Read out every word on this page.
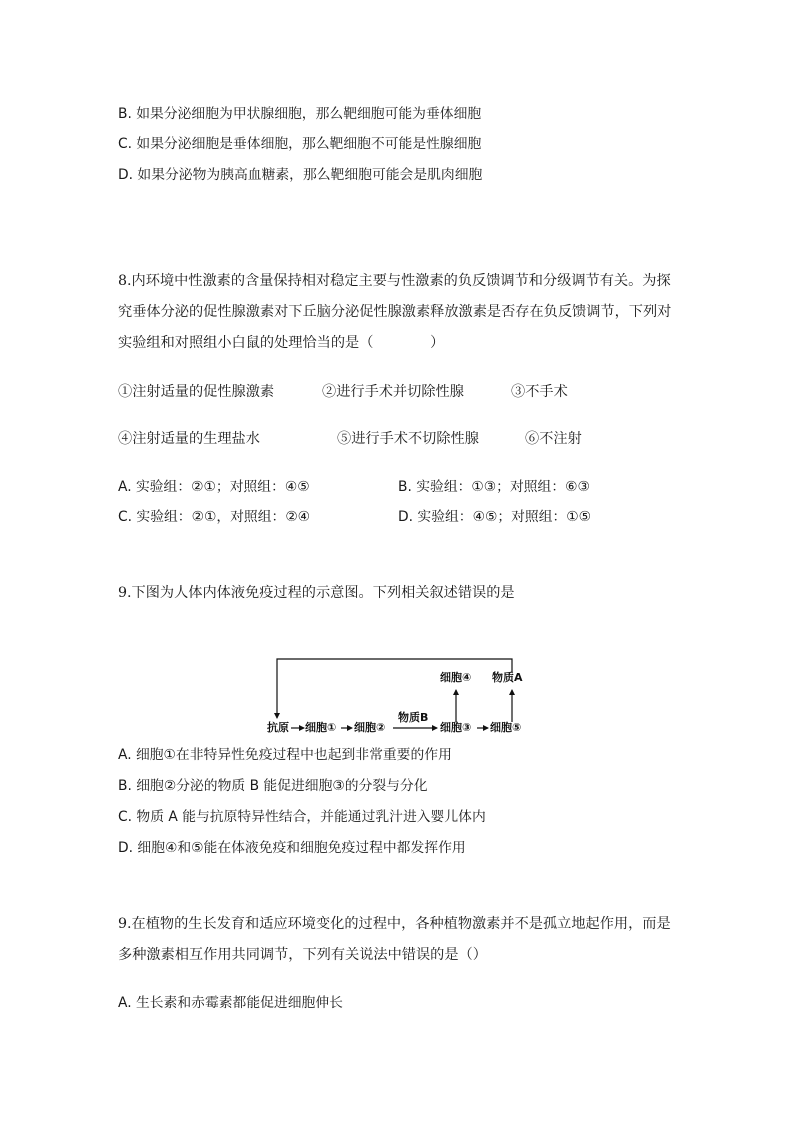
B. 如果分泌细胞为甲状腺细胞，那么靶细胞可能为垂体细胞
C. 如果分泌细胞是垂体细胞，那么靶细胞不可能是性腺细胞
D. 如果分泌物为胰高血糖素，那么靶细胞可能会是肌肉细胞
8.内环境中性激素的含量保持相对稳定主要与性激素的负反馈调节和分级调节有关。为探
究垂体分泌的促性腺激素对下丘脑分泌促性腺激素释放激素是否存在负反馈调节，下列对
实验组和对照组小白鼠的处理恰当的是（　　　　）
①注射适量的促性腺激素	②进行手术并切除性腺	③不手术
④注射适量的生理盐水	⑤进行手术不切除性腺	⑥不注射
A. 实验组：②①；对照组：④⑤	B. 实验组：①③；对照组：⑥③
C. 实验组：②①，对照组：②④	D. 实验组：④⑤；对照组：①⑤
9.下图为人体内体液免疫过程的示意图。下列相关叙述错误的是
抗原 细胞① 细胞②
物质B
细胞③ 细胞⑤
细胞④ 物质A
A. 细胞①在非特异性免疫过程中也起到非常重要的作用
B. 细胞②分泌的物质 B 能促进细胞③的分裂与分化
C. 物质 A 能与抗原特异性结合，并能通过乳汁进入婴儿体内
D. 细胞④和⑤能在体液免疫和细胞免疫过程中都发挥作用
9.在植物的生长发育和适应环境变化的过程中，各种植物激素并不是孤立地起作用，而是
多种激素相互作用共同调节，下列有关说法中错误的是（）
A. 生长素和赤霉素都能促进细胞伸长
